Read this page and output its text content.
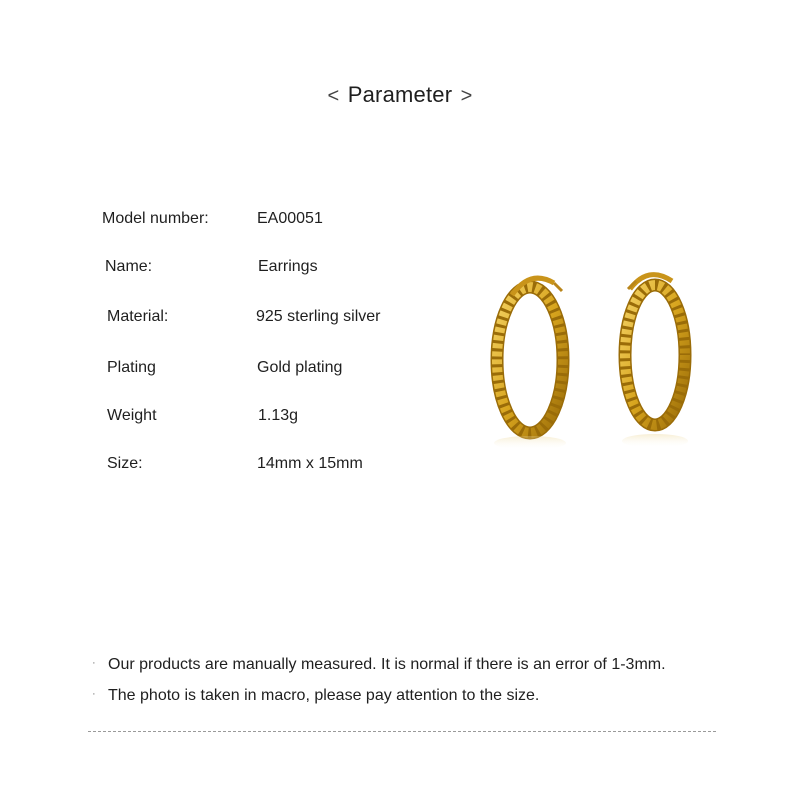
< Parameter >
Model number:	EA00051
Name:	Earrings
Material:	925 sterling silver
Plating	Gold plating
Weight	1.13g
Size:	14mm x 15mm
· Our products are manually measured. It is normal if there is an error of 1-3mm.
· The photo is taken in macro, please pay attention to the size.
